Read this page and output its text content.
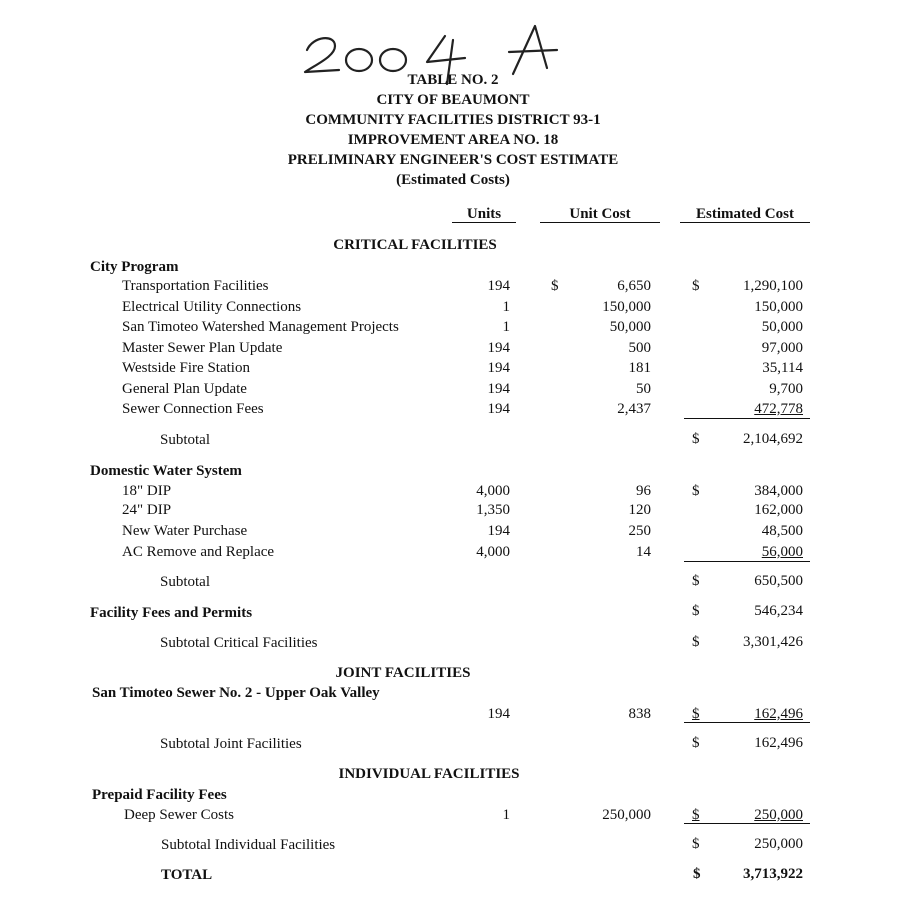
TABLE NO. 2
CITY OF BEAUMONT
COMMUNITY FACILITIES DISTRICT 93-1
IMPROVEMENT AREA NO. 18
PRELIMINARY ENGINEER'S COST ESTIMATE
(Estimated Costs)
Units	Unit Cost	Estimated Cost
CRITICAL FACILITIES
City Program
Transportation Facilities	194	$	6,650	$	1,290,100
Electrical Utility Connections	1	150,000	150,000
San Timoteo Watershed Management Projects	1	50,000	50,000
Master Sewer Plan Update	194	500	97,000
Westside Fire Station	194	181	35,114
General Plan Update	194	50	9,700
Sewer Connection Fees	194	2,437	472,778
Subtotal	$	2,104,692
Domestic Water System
18" DIP	4,000	96	$	384,000
24" DIP	1,350	120	162,000
New Water Purchase	194	250	48,500
AC Remove and Replace	4,000	14	56,000
Subtotal	$	650,500
Facility Fees and Permits	$	546,234
Subtotal Critical Facilities	$	3,301,426
JOINT FACILITIES
San Timoteo Sewer No. 2 - Upper Oak Valley
194	838	$	162,496
Subtotal Joint Facilities	$	162,496
INDIVIDUAL FACILITIES
Prepaid Facility Fees
Deep Sewer Costs	1	250,000	$	250,000
Subtotal Individual Facilities	$	250,000
TOTAL	$	3,713,922
